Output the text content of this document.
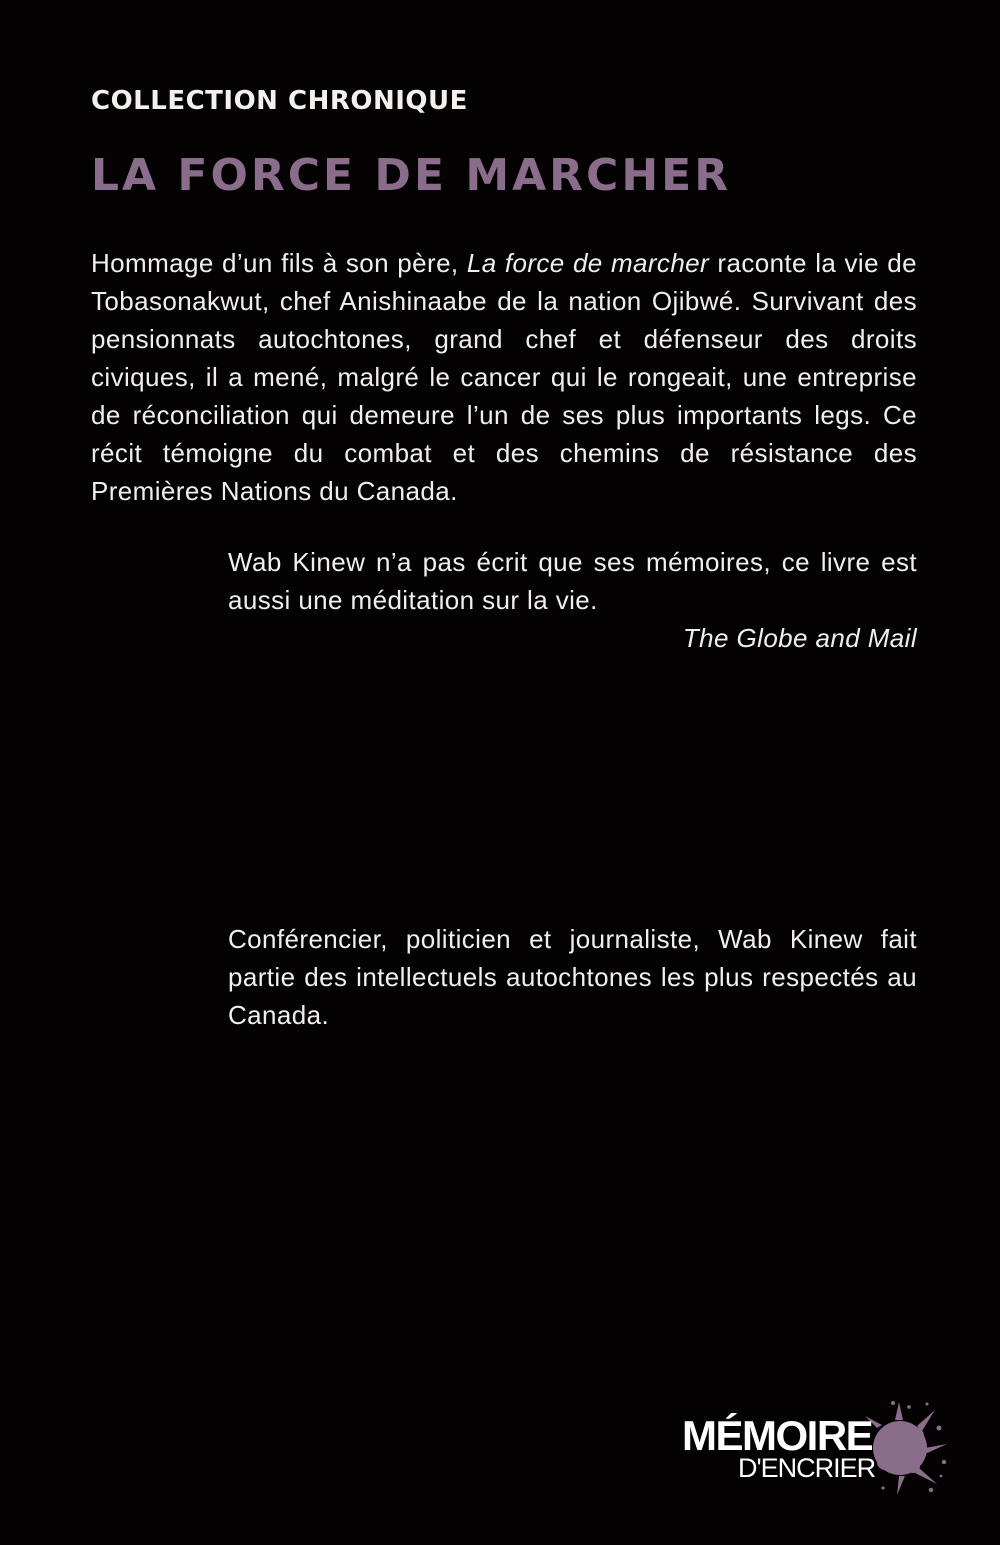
COLLECTION CHRONIQUE
LA FORCE DE MARCHER

Hommage d’un fils à son père, La force de marcher raconte la vie de Tobasonakwut, chef Anishinaabe de la nation Ojibwé. Survivant des pensionnats autochtones, grand chef et défenseur des droits civiques, il a mené, malgré le cancer qui le rongeait, une entreprise de réconciliation qui demeure l’un de ses plus importants legs. Ce récit témoigne du combat et des chemins de résistance des Premières Nations du Canada.

Wab Kinew n’a pas écrit que ses mémoires, ce livre est aussi une méditation sur la vie.

The Globe and Mail

Conférencier, politicien et journaliste, Wab Kinew fait partie des intellectuels autochtones les plus respectés au Canada.

MÉMOIRE
D'ENCRIER
